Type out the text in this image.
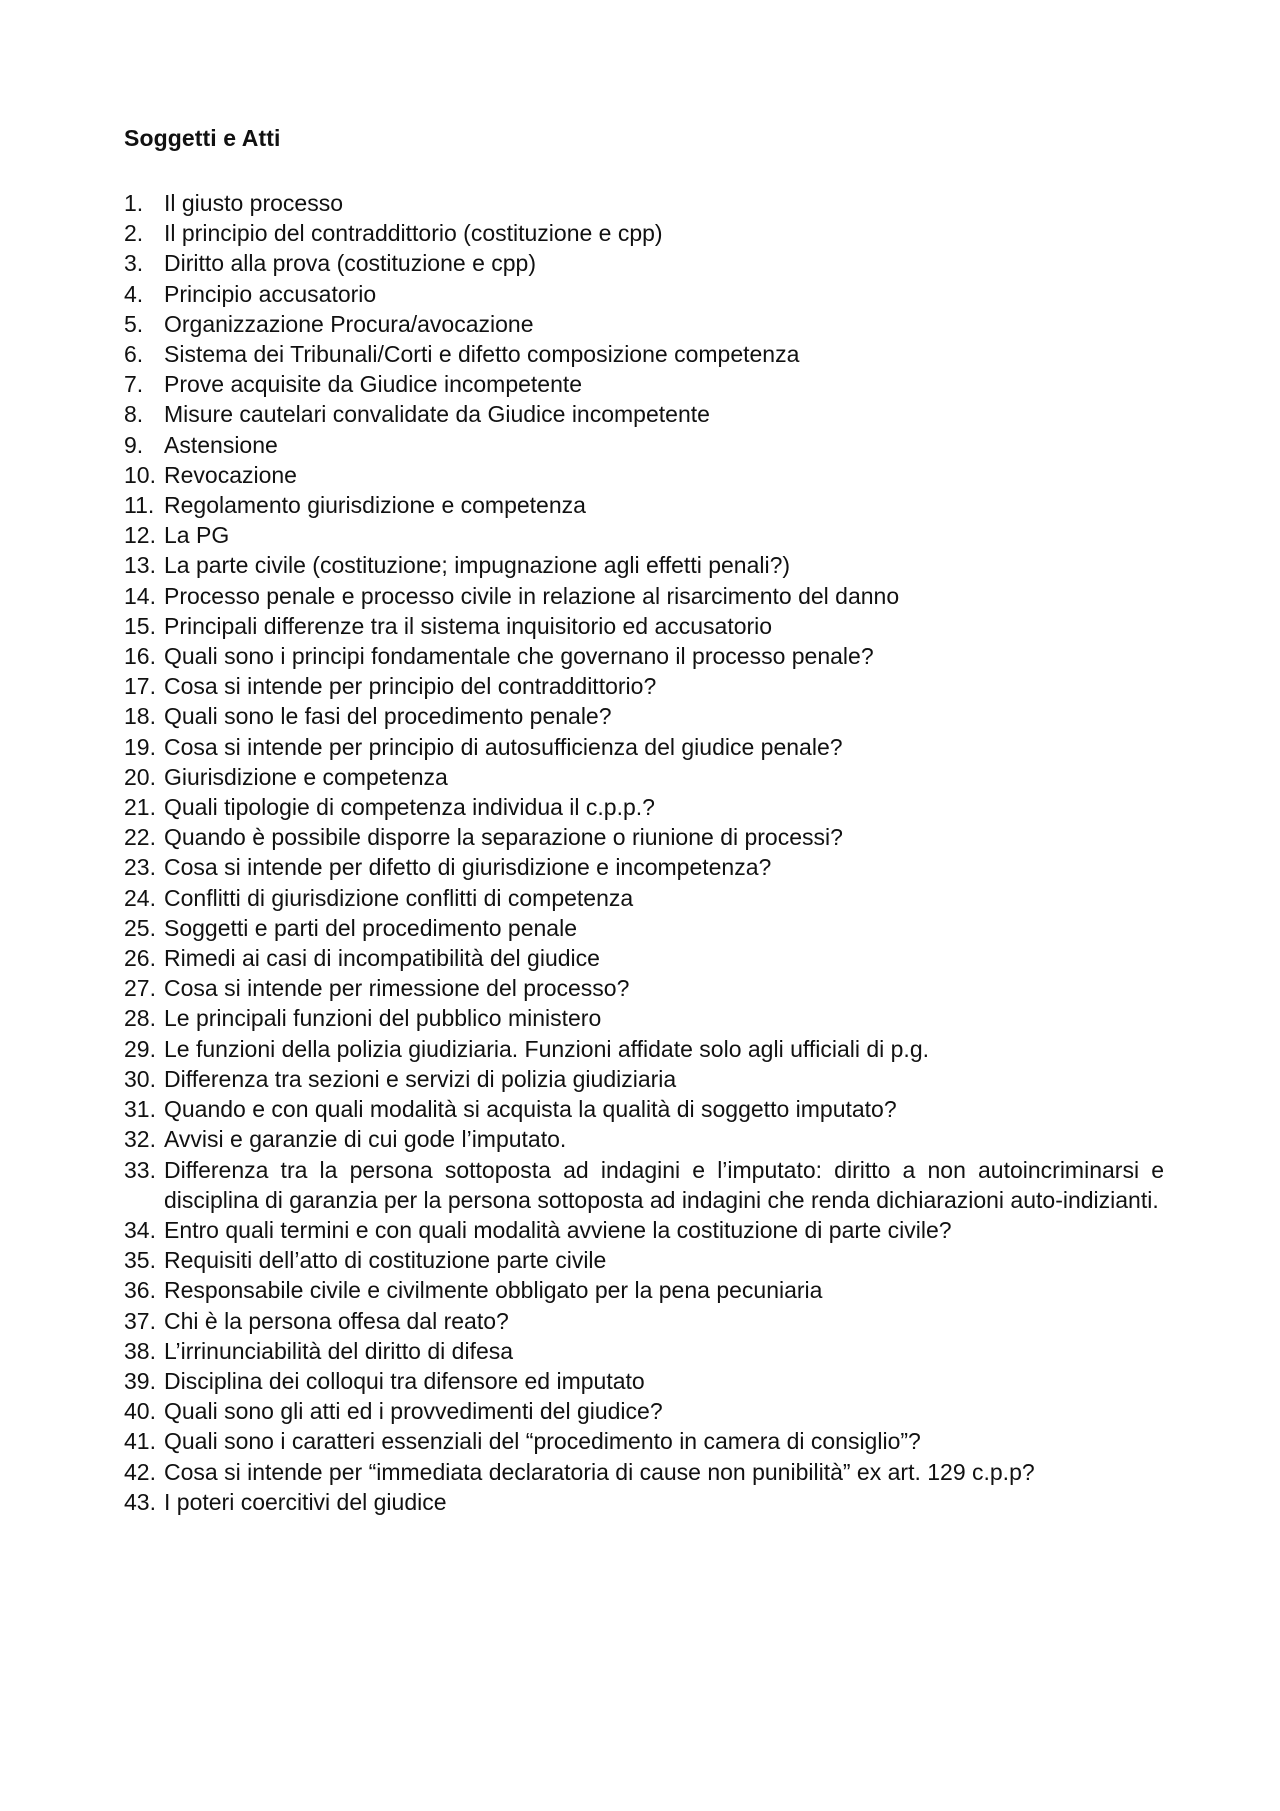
Soggetti e Atti
1. Il giusto processo
2. Il principio del contraddittorio (costituzione e cpp)
3. Diritto alla prova (costituzione e cpp)
4. Principio accusatorio
5. Organizzazione Procura/avocazione
6. Sistema dei Tribunali/Corti e difetto composizione competenza
7. Prove acquisite da Giudice incompetente
8. Misure cautelari convalidate da Giudice incompetente
9. Astensione
10. Revocazione
11. Regolamento giurisdizione e competenza
12. La PG
13. La parte civile (costituzione; impugnazione agli effetti penali?)
14. Processo penale e processo civile in relazione al risarcimento del danno
15. Principali differenze tra il sistema inquisitorio ed accusatorio
16. Quali sono i principi fondamentale che governano il processo penale?
17. Cosa si intende per principio del contraddittorio?
18. Quali sono le fasi del procedimento penale?
19. Cosa si intende per principio di autosufficienza del giudice penale?
20. Giurisdizione e competenza
21. Quali tipologie di competenza individua il c.p.p.?
22. Quando è possibile disporre la separazione o riunione di processi?
23. Cosa si intende per difetto di giurisdizione e incompetenza?
24. Conflitti di giurisdizione conflitti di competenza
25. Soggetti e parti del procedimento penale
26. Rimedi ai casi di incompatibilità del giudice
27. Cosa si intende per rimessione del processo?
28. Le principali funzioni del pubblico ministero
29. Le funzioni della polizia giudiziaria. Funzioni affidate solo agli ufficiali di p.g.
30. Differenza tra sezioni e servizi di polizia giudiziaria
31. Quando e con quali modalità si acquista la qualità di soggetto imputato?
32. Avvisi e garanzie di cui gode l’imputato.
33. Differenza tra la persona sottoposta ad indagini e l’imputato: diritto a non autoincriminarsi e disciplina di garanzia per la persona sottoposta ad indagini che renda dichiarazioni auto-indizianti.
34. Entro quali termini e con quali modalità avviene la costituzione di parte civile?
35. Requisiti dell’atto di costituzione parte civile
36. Responsabile civile e civilmente obbligato per la pena pecuniaria
37. Chi è la persona offesa dal reato?
38. L’irrinunciabilità del diritto di difesa
39. Disciplina dei colloqui tra difensore ed imputato
40. Quali sono gli atti ed i provvedimenti del giudice?
41. Quali sono i caratteri essenziali del “procedimento in camera di consiglio”?
42. Cosa si intende per “immediata declaratoria di cause non punibilità” ex art. 129 c.p.p?
43. I poteri coercitivi del giudice
